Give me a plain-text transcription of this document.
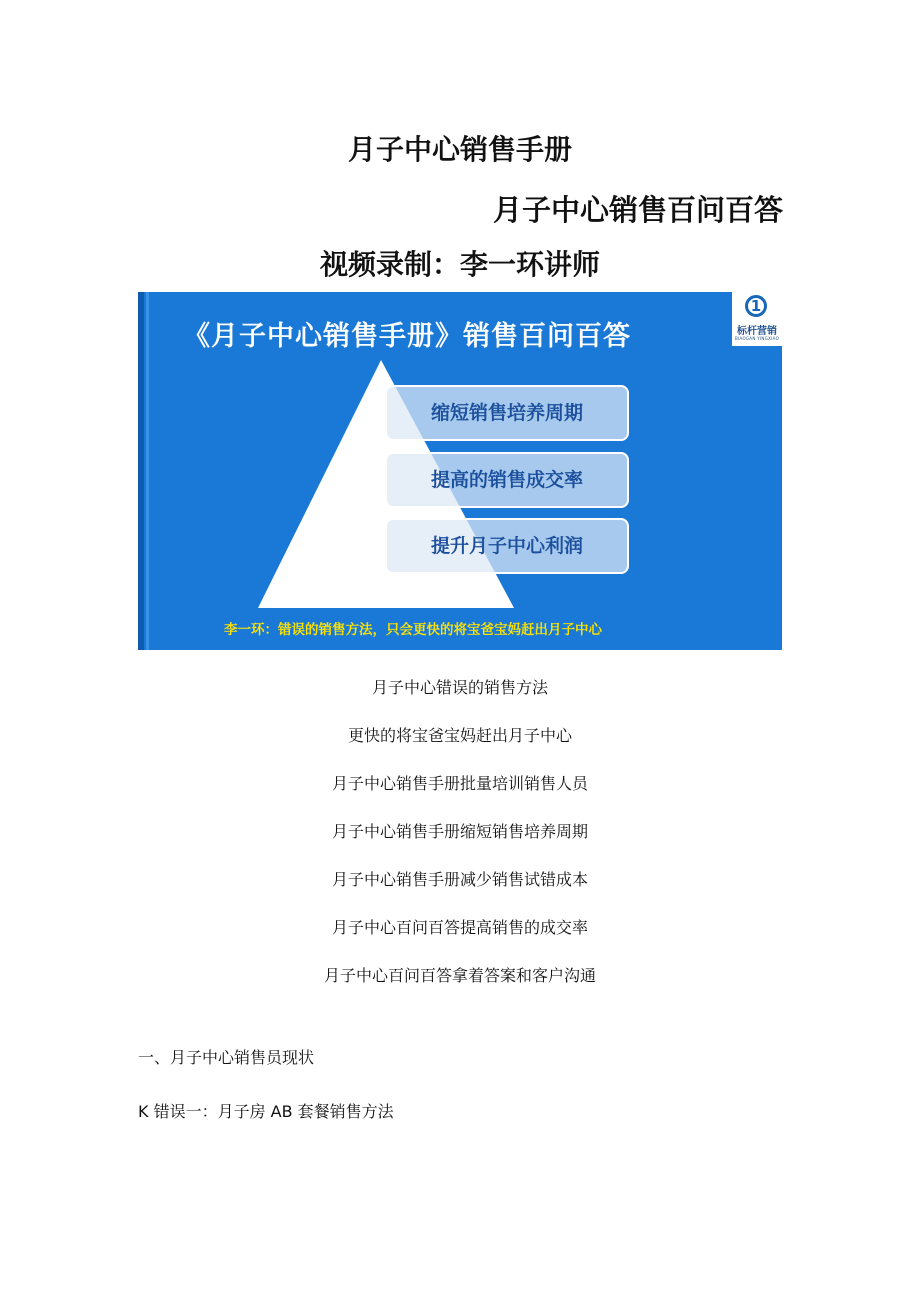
月子中心销售手册
月子中心销售百问百答
视频录制：李一环讲师
《月子中心销售手册》销售百问百答
1
标杆营销
BIAOGAN YINGXIAO
缩短销售培养周期
提高的销售成交率
提升月子中心利润
李一环：错误的销售方法，只会更快的将宝爸宝妈赶出月子中心
月子中心错误的销售方法
更快的将宝爸宝妈赶出月子中心
月子中心销售手册批量培训销售人员
月子中心销售手册缩短销售培养周期
月子中心销售手册减少销售试错成本
月子中心百问百答提高销售的成交率
月子中心百问百答拿着答案和客户沟通
一、月子中心销售员现状
K 错误一：月子房 AB 套餐销售方法
